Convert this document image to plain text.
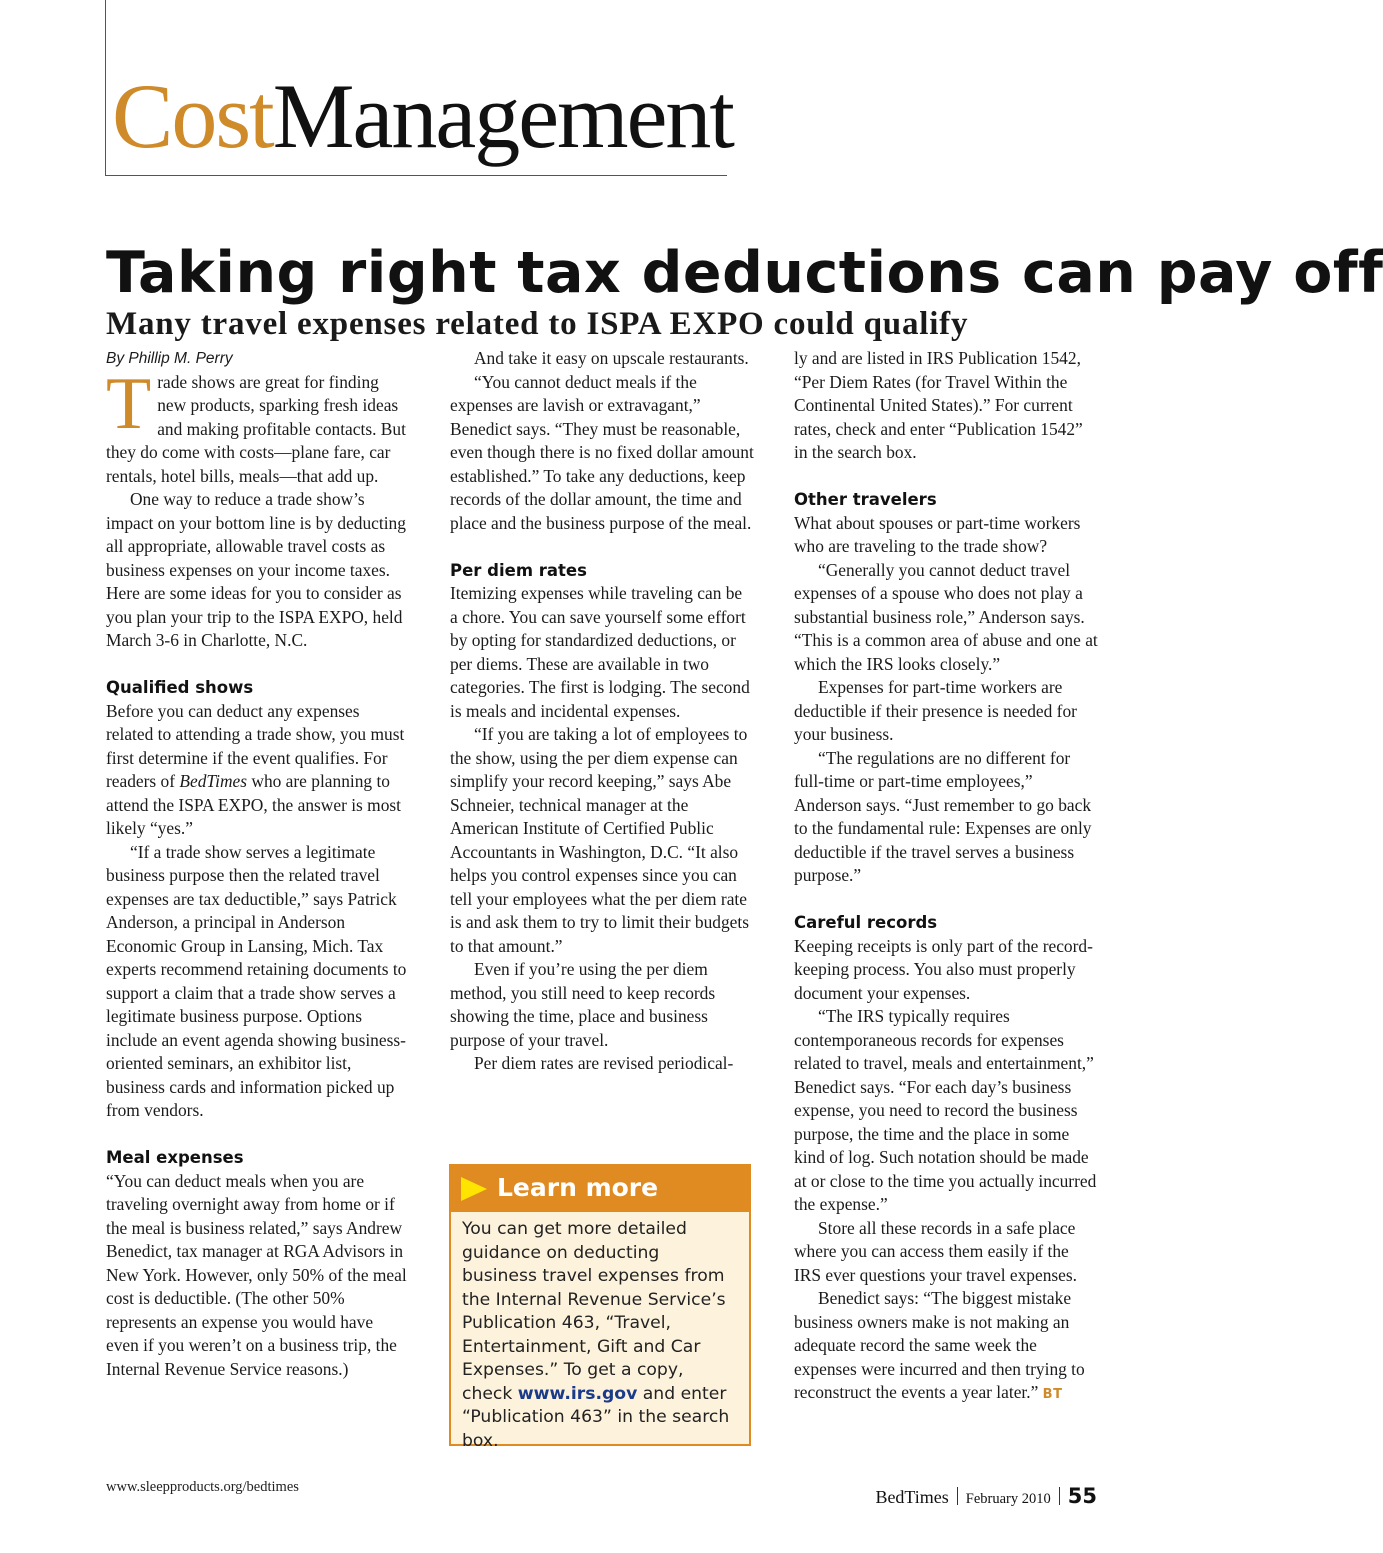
CostManagement
Taking right tax deductions can pay off
Many travel expenses related to ISPA EXPO could qualify
By Phillip M. Perry

Trade shows are great for finding new products, sparking fresh ideas and making profitable contacts. But they do come with costs—plane fare, car rentals, hotel bills, meals—that add up.

One way to reduce a trade show’s impact on your bottom line is by deducting all appropriate, allowable travel costs as business expenses on your income taxes. Here are some ideas for you to consider as you plan your trip to the ISPA EXPO, held March 3-6 in Charlotte, N.C.

Qualified shows

Before you can deduct any expenses related to attending a trade show, you must first determine if the event qualifies. For readers of BedTimes who are planning to attend the ISPA EXPO, the answer is most likely “yes.”

“If a trade show serves a legitimate business purpose then the related travel expenses are tax deductible,” says Patrick Anderson, a principal in Anderson Economic Group in Lansing, Mich. Tax experts recommend retaining documents to support a claim that a trade show serves a legitimate business purpose. Options include an event agenda showing business-oriented seminars, an exhibitor list, business cards and information picked up from vendors.

Meal expenses

“You can deduct meals when you are traveling overnight away from home or if the meal is business related,” says Andrew Benedict, tax manager at RGA Advisors in New York. However, only 50% of the meal cost is deductible. (The other 50% represents an expense you would have even if you weren’t on a business trip, the Internal Revenue Service reasons.)

And take it easy on upscale restaurants.

“You cannot deduct meals if the expenses are lavish or extravagant,” Benedict says. “They must be reasonable, even though there is no fixed dollar amount established.” To take any deductions, keep records of the dollar amount, the time and place and the business purpose of the meal.

Per diem rates

Itemizing expenses while traveling can be a chore. You can save yourself some effort by opting for standardized deductions, or per diems. These are available in two categories. The first is lodging. The second is meals and incidental expenses.

“If you are taking a lot of employees to the show, using the per diem expense can simplify your record keeping,” says Abe Schneier, technical manager at the American Institute of Certified Public Accountants in Washington, D.C. “It also helps you control expenses since you can tell your employees what the per diem rate is and ask them to try to limit their budgets to that amount.”

Even if you’re using the per diem method, you still need to keep records showing the time, place and business purpose of your travel.

Per diem rates are revised periodical-

Learn more
You can get more detailed guidance on deducting business travel expenses from the Internal Revenue Service’s Publication 463, “Travel, Entertainment, Gift and Car Expenses.” To get a copy, check www.irs.gov and enter “Publication 463” in the search box.

ly and are listed in IRS Publication 1542, “Per Diem Rates (for Travel Within the Continental United States).” For current rates, check and enter “Publication 1542” in the search box.

Other travelers

What about spouses or part-time workers who are traveling to the trade show?

“Generally you cannot deduct travel expenses of a spouse who does not play a substantial business role,” Anderson says. “This is a common area of abuse and one at which the IRS looks closely.”

Expenses for part-time workers are deductible if their presence is needed for your business.

“The regulations are no different for full-time or part-time employees,” Anderson says. “Just remember to go back to the fundamental rule: Expenses are only deductible if the travel serves a business purpose.”

Careful records

Keeping receipts is only part of the record-keeping process. You also must properly document your expenses.

“The IRS typically requires contemporaneous records for expenses related to travel, meals and entertainment,” Benedict says. “For each day’s business expense, you need to record the business purpose, the time and the place in some kind of log. Such notation should be made at or close to the time you actually incurred the expense.”

Store all these records in a safe place where you can access them easily if the IRS ever questions your travel expenses.

Benedict says: “The biggest mistake business owners make is not making an adequate record the same week the expenses were incurred and then trying to reconstruct the events a year later.” BT

www.sleepproducts.org/bedtimes	BedTimes February 2010 55
